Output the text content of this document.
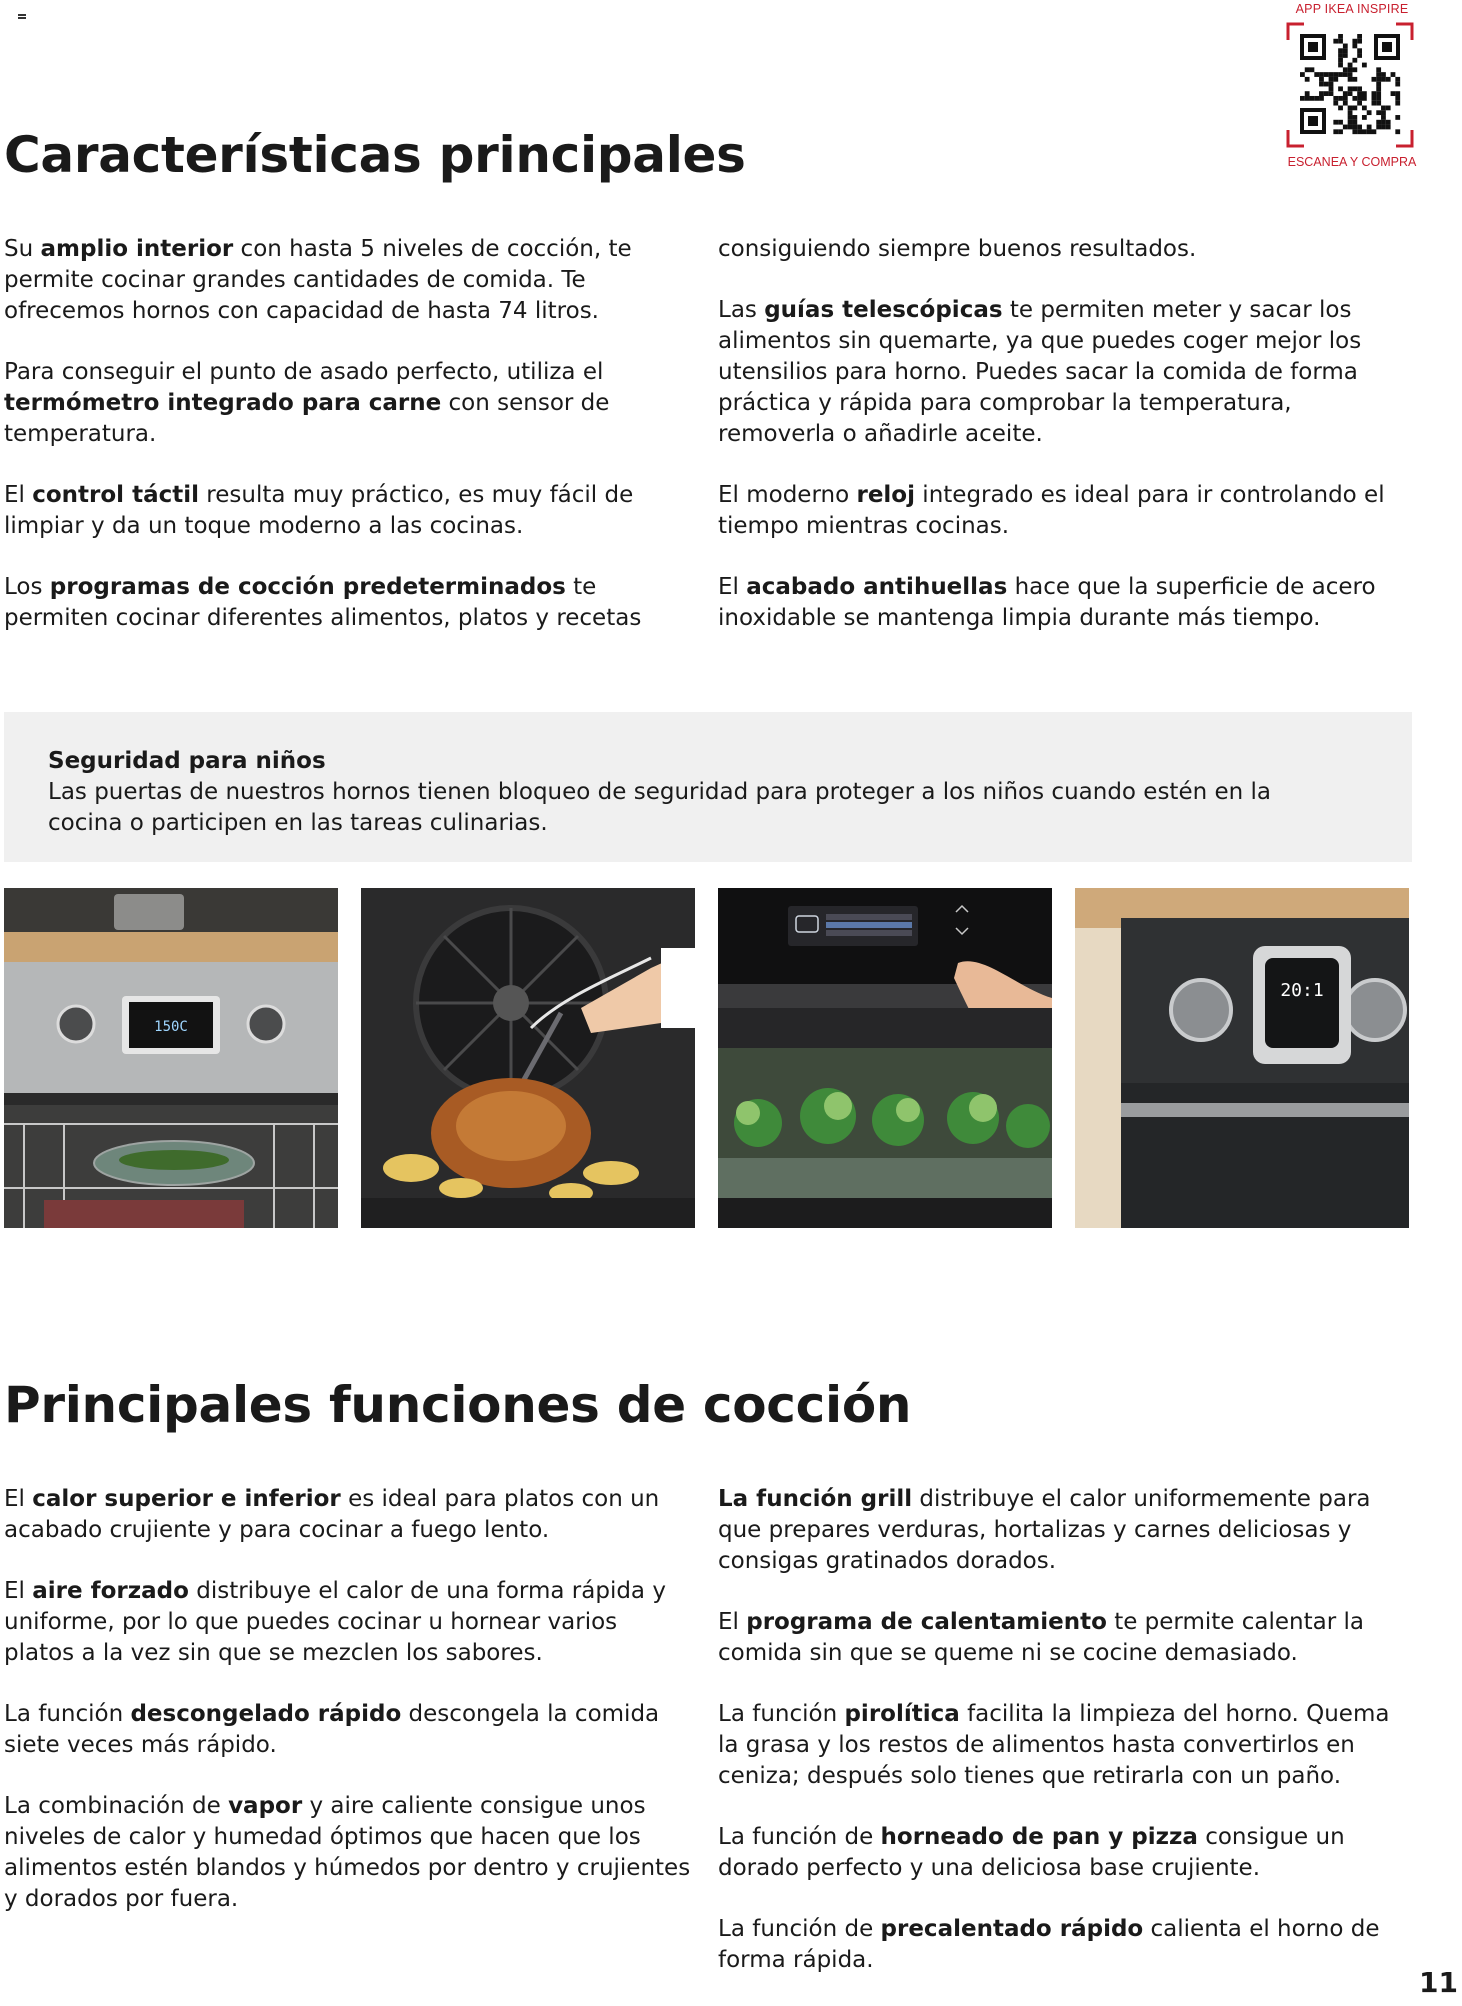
APP IKEA INSPIRE
ESCANEA Y COMPRA
Características principales

Su amplio interior con hasta 5 niveles de cocción, te permite cocinar grandes cantidades de comida. Te ofrecemos hornos con capacidad de hasta 74 litros.

Para conseguir el punto de asado perfecto, utiliza el termómetro integrado para carne con sensor de temperatura.

El control táctil resulta muy práctico, es muy fácil de limpiar y da un toque moderno a las cocinas.

Los programas de cocción predeterminados te permiten cocinar diferentes alimentos, platos y recetas

consiguiendo siempre buenos resultados.

Las guías telescópicas te permiten meter y sacar los alimentos sin quemarte, ya que puedes coger mejor los utensilios para horno. Puedes sacar la comida de forma práctica y rápida para comprobar la temperatura, removerla o añadirle aceite.

El moderno reloj integrado es ideal para ir controlando el tiempo mientras cocinas.

El acabado antihuellas hace que la superficie de acero inoxidable se mantenga limpia durante más tiempo.

Seguridad para niños
Las puertas de nuestros hornos tienen bloqueo de seguridad para proteger a los niños cuando estén en la cocina o participen en las tareas culinarias.
150C
20:1
Principales funciones de cocción

El calor superior e inferior es ideal para platos con un acabado crujiente y para cocinar a fuego lento.

El aire forzado distribuye el calor de una forma rápida y uniforme, por lo que puedes cocinar u hornear varios platos a la vez sin que se mezclen los sabores.

La función descongelado rápido descongela la comida siete veces más rápido.

La combinación de vapor y aire caliente consigue unos niveles de calor y humedad óptimos que hacen que los alimentos estén blandos y húmedos por dentro y crujientes y dorados por fuera.

La función grill distribuye el calor uniformemente para que prepares verduras, hortalizas y carnes deliciosas y consigas gratinados dorados.

El programa de calentamiento te permite calentar la comida sin que se queme ni se cocine demasiado.

La función pirolítica facilita la limpieza del horno. Quema la grasa y los restos de alimentos hasta convertirlos en ceniza; después solo tienes que retirarla con un paño.

La función de horneado de pan y pizza consigue un dorado perfecto y una deliciosa base crujiente.

La función de precalentado rápido calienta el horno de forma rápida.

11
